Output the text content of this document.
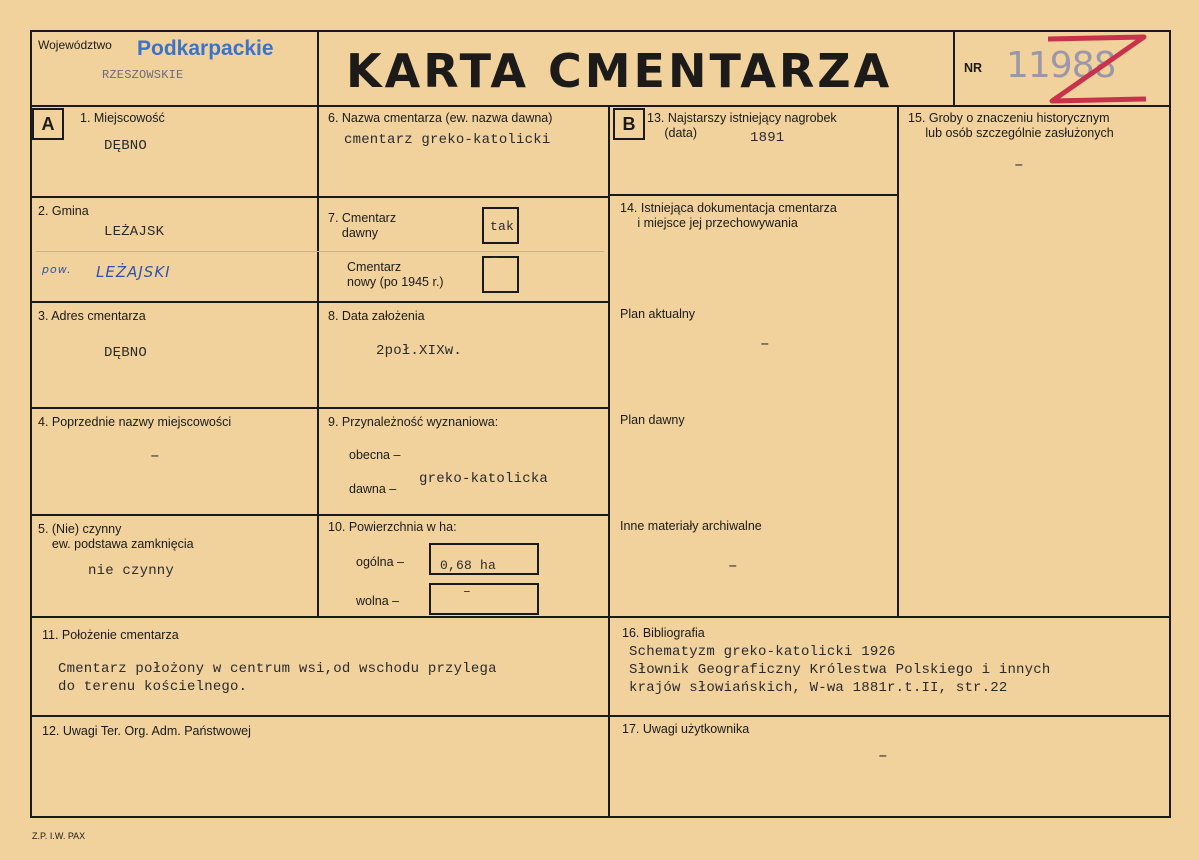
Województwo Podkarpackie
RZESZOWSKIE	KARTA CMENTARZA	NR 11988
A	B
1. Miejscowość
DĘBNO
2. Gmina
LEŻAJSK
pow. LEŻAJSKI
3. Adres cmentarza
DĘBNO
4. Poprzednie nazwy miejscowości
–
5. (Nie) czynny
ew. podstawa zamknięcia
nie czynny
6. Nazwa cmentarza (ew. nazwa dawna)
cmentarz greko-katolicki
7. Cmentarz
dawny	tak
Cmentarz
nowy (po 1945 r.)
–
8. Data założenia
2poł.XIXw.
9. Przynależność wyznaniowa:
obecna –
dawna –
greko-katolicka
10. Powierzchnia w ha:
ogólna –	0,68 ha
wolna –
–
13. Najstarszy istniejący nagrobek
(data)	1891
14. Istniejąca dokumentacja cmentarza
i miejsce jej przechowywania
Plan aktualny
–
Plan dawny
Inne materiały archiwalne
–
15. Groby o znaczeniu historycznym
lub osób szczególnie zasłużonych
–
11. Położenie cmentarza
Cmentarz położony w centrum wsi,od wschodu przylega
do terenu kościelnego.
16. Bibliografia
Schematyzm greko-katolicki 1926
Słownik Geograficzny Królestwa Polskiego i innych
krajów słowiańskich, W-wa 1881r.t.II, str.22
12. Uwagi Ter. Org. Adm. Państwowej	17. Uwagi użytkownika
–
Z.P. I.W. PAX
